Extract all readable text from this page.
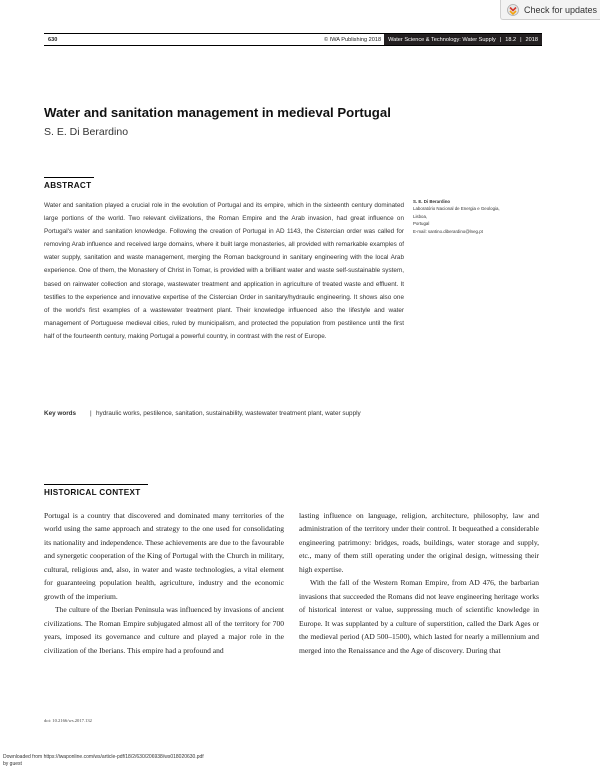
Check for updates
630	© IWA Publishing 2018	Water Science & Technology: Water Supply | 18.2 | 2018
Water and sanitation management in medieval Portugal
S. E. Di Berardino
ABSTRACT
Water and sanitation played a crucial role in the evolution of Portugal and its empire, which in the sixteenth century dominated large portions of the world. Two relevant civilizations, the Roman Empire and the Arab invasion, had great influence on Portugal's water and sanitation knowledge. Following the creation of Portugal in AD 1143, the Cistercian order was called for removing Arab influence and received large domains, where it built large monasteries, all provided with remarkable examples of water supply, sanitation and waste management, merging the Roman background in sanitary engineering with the local Arab experience. One of them, the Monastery of Christ in Tomar, is provided with a brilliant water and waste self-sustainable system, based on rainwater collection and storage, wastewater treatment and application in agriculture of treated waste and effluent. It testifies to the experience and innovative expertise of the Cistercian Order in sanitary/hydraulic engineering. It shows also one of the world's first examples of a wastewater treatment plant. Their knowledge influenced also the lifestyle and water management of Portuguese medieval cities, ruled by municipalism, and protected the population from pestilence until the first half of the fourteenth century, making Portugal a powerful country, in contrast with the rest of Europe.
Key words	| hydraulic works, pestilence, sanitation, sustainability, wastewater treatment plant, water supply
S. E. Di Berardino
Laboratório Nacional de Energia e Geologia,
Lisboa,
Portugal
E-mail: santino.diberardino@lneg.pt
HISTORICAL CONTEXT

Portugal is a country that discovered and dominated many territories of the world using the same approach and strategy to the one used for consolidating its nationality and independence. These achievements are due to the favourable and synergetic cooperation of the King of Portugal with the Church in military, cultural, religious and, also, in water and waste technologies, a vital element for guaranteeing population health, agriculture, industry and the economic growth of the imperium.

The culture of the Iberian Peninsula was influenced by invasions of ancient civilizations. The Roman Empire subjugated almost all of the territory for 700 years, imposed its governance and culture and played a major role in the civilization of the Iberians. This empire had a profound and

lasting influence on language, religion, architecture, philosophy, law and administration of the territory under their control. It bequeathed a considerable engineering patrimony: bridges, roads, buildings, water storage and supply, etc., many of them still operating under the original design, witnessing their high expertise.

With the fall of the Western Roman Empire, from AD 476, the barbarian invasions that succeeded the Romans did not leave engineering heritage works of historical interest or value, suppressing much of scientific knowledge in Europe. It was supplanted by a culture of superstition, called the Dark Ages or the medieval period (AD 500–1500), which lasted for nearly a millennium and merged into the Renaissance and the Age of discovery. During that

doi: 10.2166/ws.2017.132
Downloaded from https://iwaponline.com/ws/article-pdf/18/2/630/206938/ws018020630.pdf
by guest
